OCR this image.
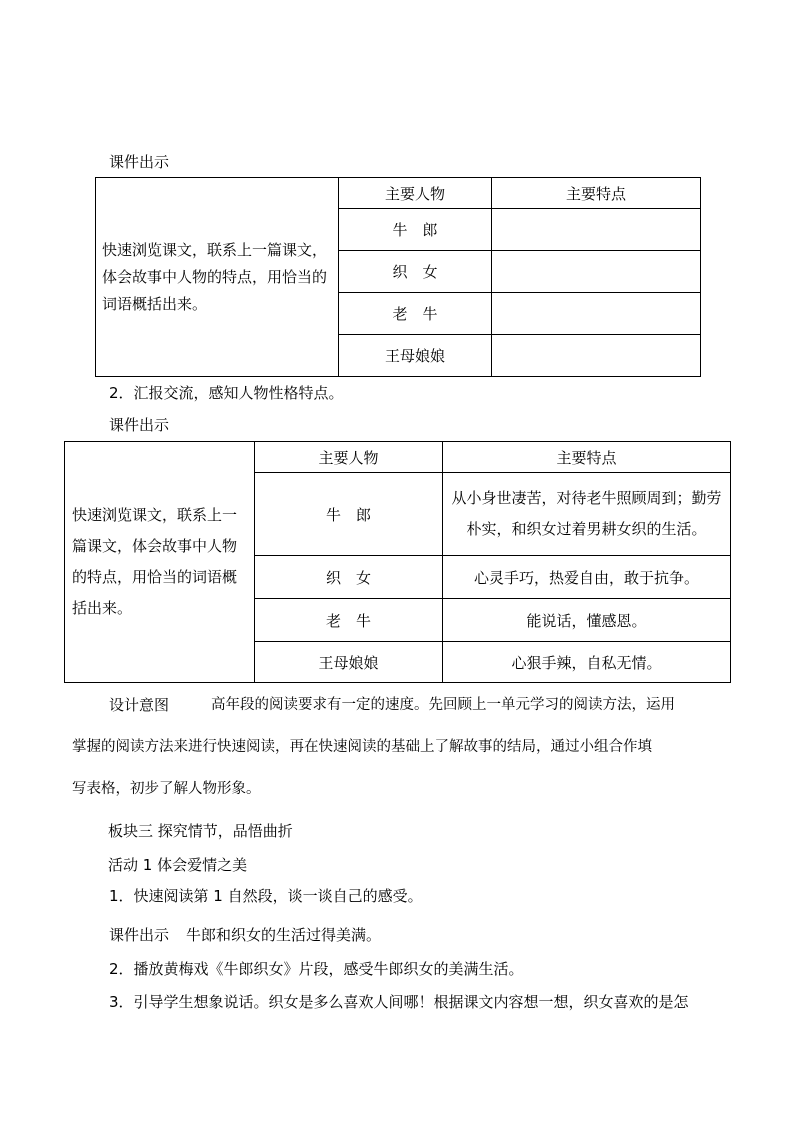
课件出示
快速浏览课文，联系上一篇课文，体会故事中人物的特点，用恰当的词语概括出来。	主要人物	主要特点
	牛　郎	
	织　女	
	老　牛	
	王母娘娘	
2．汇报交流，感知人物性格特点。
课件出示
快速浏览课文，联系上一篇课文，体会故事中人物的特点，用恰当的词语概括出来。	主要人物	主要特点
	牛　郎	从小身世凄苦，对待老牛照顾周到；勤劳朴实，和织女过着男耕女织的生活。
	织　女	心灵手巧，热爱自由，敢于抗争。
	老　牛	能说话，懂感恩。
	王母娘娘	心狠手辣，自私无情。
设计意图	高年段的阅读要求有一定的速度。先回顾上一单元学习的阅读方法，运用
掌握的阅读方法来进行快速阅读，再在快速阅读的基础上了解故事的结局，通过小组合作填
写表格，初步了解人物形象。
板块三 探究情节，品悟曲折
活动 1 体会爱情之美
1．快速阅读第 1 自然段，谈一谈自己的感受。
课件出示 牛郎和织女的生活过得美满。
2．播放黄梅戏《牛郎织女》片段，感受牛郎织女的美满生活。
3．引导学生想象说话。织女是多么喜欢人间哪！根据课文内容想一想，织女喜欢的是怎
